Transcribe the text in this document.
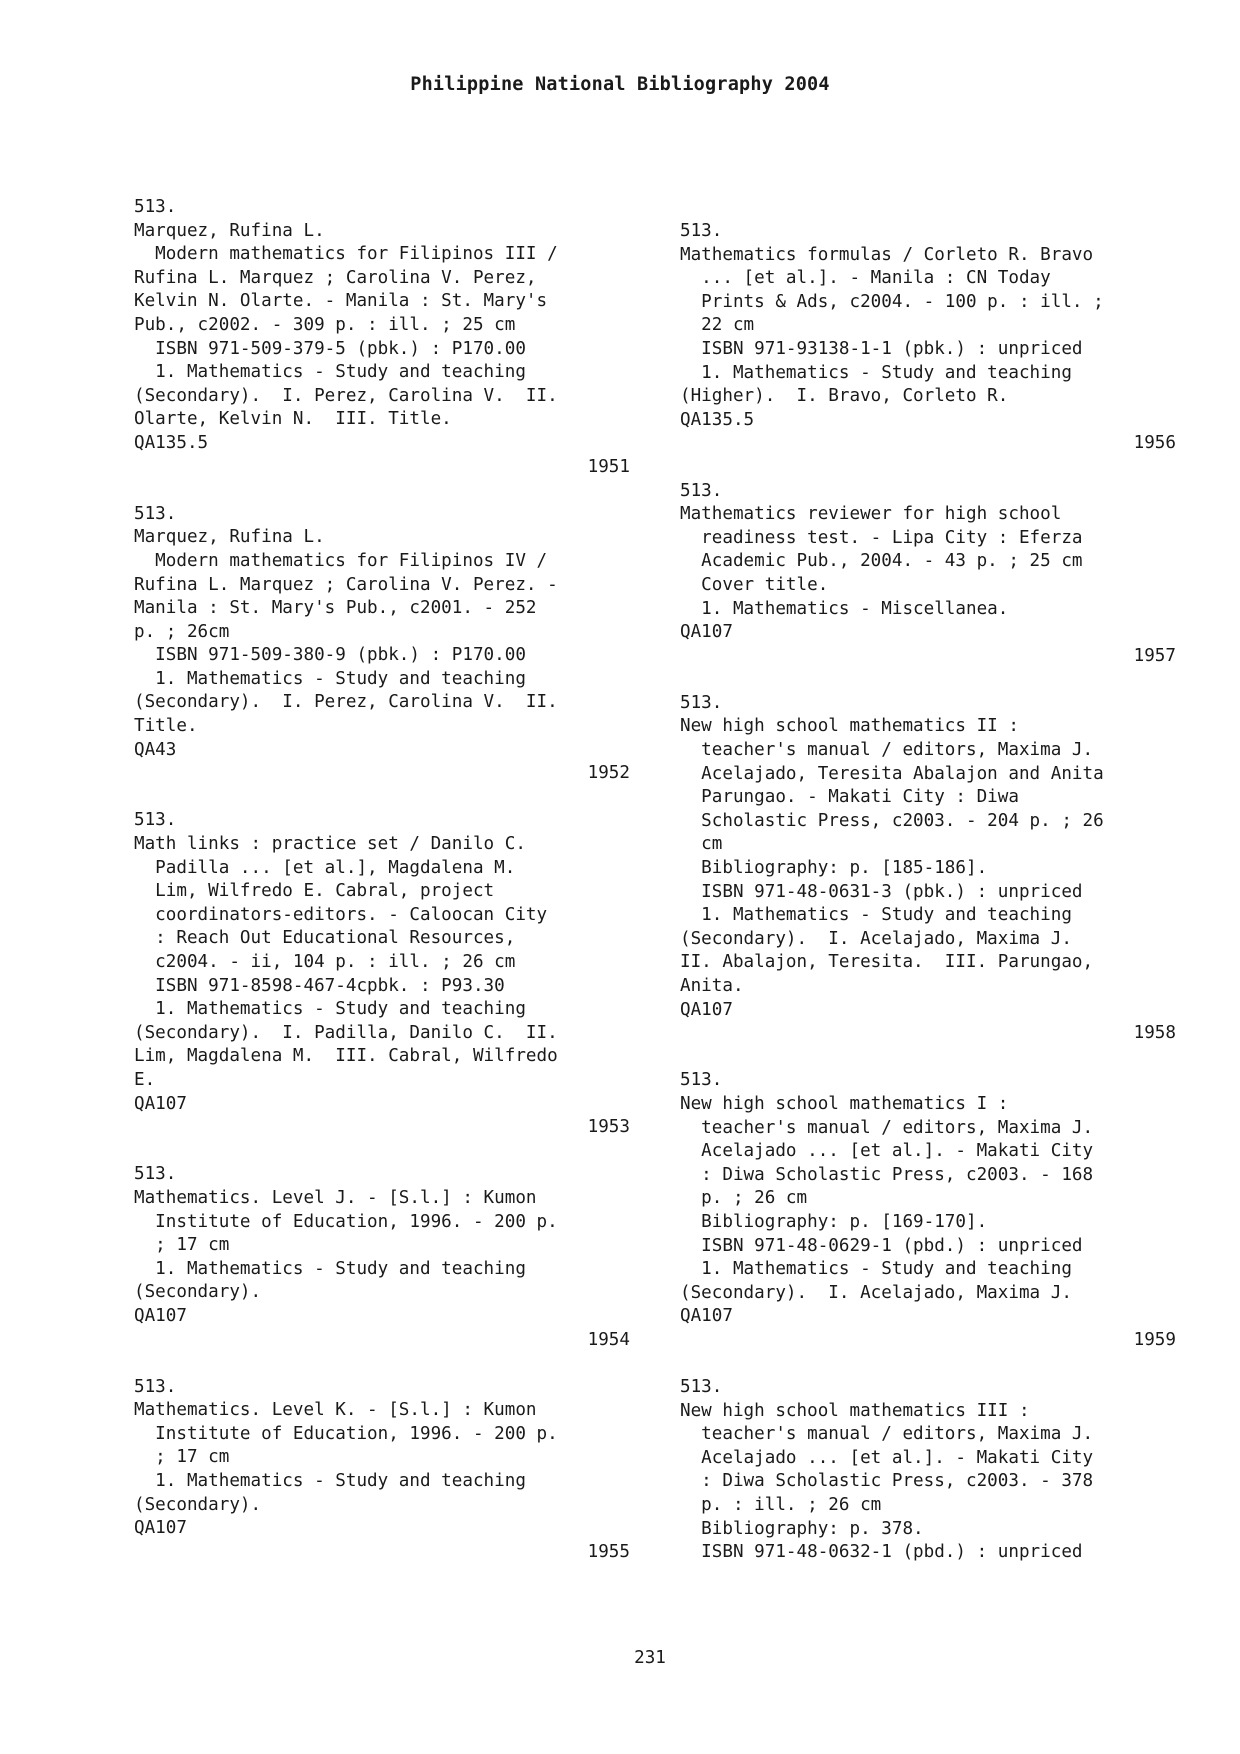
Philippine National Bibliography 2004
513.
Marquez, Rufina L.
Modern mathematics for Filipinos III /
Rufina L. Marquez ; Carolina V. Perez,
Kelvin N. Olarte. - Manila : St. Mary's
Pub., c2002. - 309 p. : ill. ; 25 cm
ISBN 971-509-379-5 (pbk.) : P170.00
1. Mathematics - Study and teaching
(Secondary).  I. Perez, Carolina V.  II.
Olarte, Kelvin N.  III. Title.
QA135.5
1951
513.
Marquez, Rufina L.
Modern mathematics for Filipinos IV /
Rufina L. Marquez ; Carolina V. Perez. -
Manila : St. Mary's Pub., c2001. - 252
p. ; 26cm
ISBN 971-509-380-9 (pbk.) : P170.00
1. Mathematics - Study and teaching
(Secondary).  I. Perez, Carolina V.  II.
Title.
QA43
1952
513.
Math links : practice set / Danilo C.
Padilla ... [et al.], Magdalena M.
Lim, Wilfredo E. Cabral, project
coordinators-editors. - Caloocan City
: Reach Out Educational Resources,
c2004. - ii, 104 p. : ill. ; 26 cm
ISBN 971-8598-467-4cpbk. : P93.30
1. Mathematics - Study and teaching
(Secondary).  I. Padilla, Danilo C.  II.
Lim, Magdalena M.  III. Cabral, Wilfredo
E.
QA107
1953
513.
Mathematics. Level J. - [S.l.] : Kumon
Institute of Education, 1996. - 200 p.
; 17 cm
1. Mathematics - Study and teaching
(Secondary).
QA107
1954
513.
Mathematics. Level K. - [S.l.] : Kumon
Institute of Education, 1996. - 200 p.
; 17 cm
1. Mathematics - Study and teaching
(Secondary).
QA107
1955
513.
Mathematics formulas / Corleto R. Bravo
... [et al.]. - Manila : CN Today
Prints & Ads, c2004. - 100 p. : ill. ;
22 cm
ISBN 971-93138-1-1 (pbk.) : unpriced
1. Mathematics - Study and teaching
(Higher).  I. Bravo, Corleto R.
QA135.5
1956
513.
Mathematics reviewer for high school
readiness test. - Lipa City : Eferza
Academic Pub., 2004. - 43 p. ; 25 cm
Cover title.
1. Mathematics - Miscellanea.
QA107
1957
513.
New high school mathematics II :
teacher's manual / editors, Maxima J.
Acelajado, Teresita Abalajon and Anita
Parungao. - Makati City : Diwa
Scholastic Press, c2003. - 204 p. ; 26
cm
Bibliography: p. [185-186].
ISBN 971-48-0631-3 (pbk.) : unpriced
1. Mathematics - Study and teaching
(Secondary).  I. Acelajado, Maxima J.
II. Abalajon, Teresita.  III. Parungao,
Anita.
QA107
1958
513.
New high school mathematics I :
teacher's manual / editors, Maxima J.
Acelajado ... [et al.]. - Makati City
: Diwa Scholastic Press, c2003. - 168
p. ; 26 cm
Bibliography: p. [169-170].
ISBN 971-48-0629-1 (pbd.) : unpriced
1. Mathematics - Study and teaching
(Secondary).  I. Acelajado, Maxima J.
QA107
1959
513.
New high school mathematics III :
teacher's manual / editors, Maxima J.
Acelajado ... [et al.]. - Makati City
: Diwa Scholastic Press, c2003. - 378
p. : ill. ; 26 cm
Bibliography: p. 378.
ISBN 971-48-0632-1 (pbd.) : unpriced
231
